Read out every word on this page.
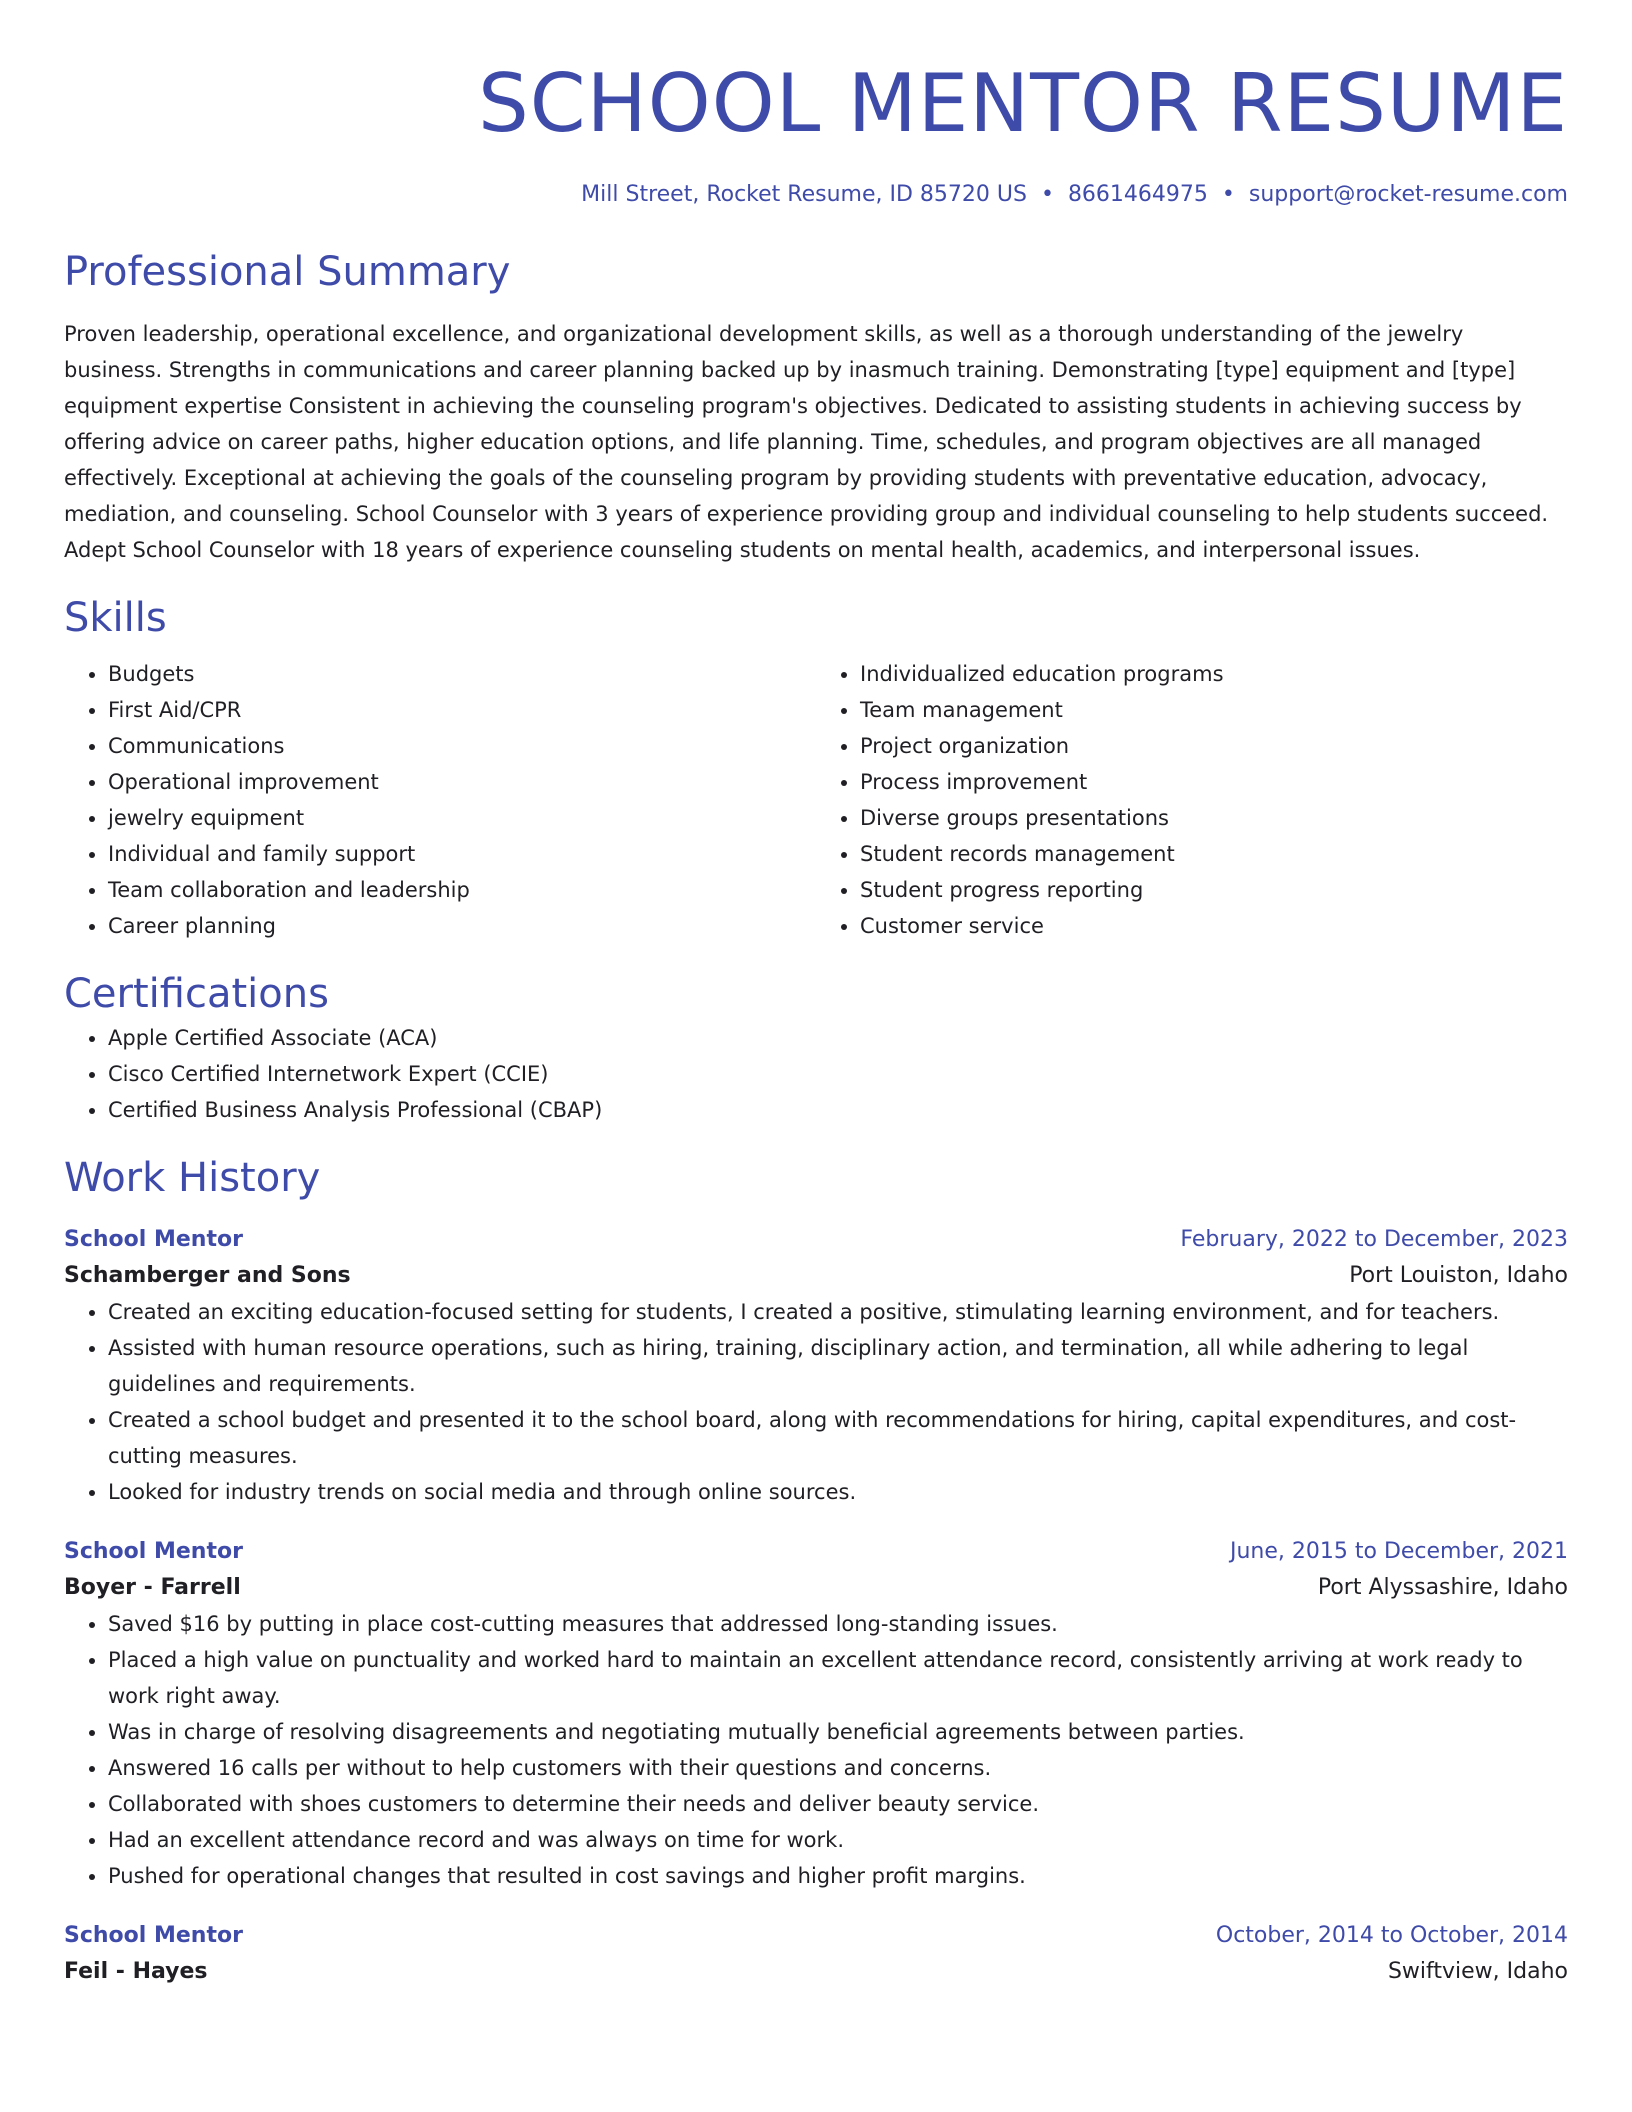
SCHOOL MENTOR RESUME
Mill Street, Rocket Resume, ID 85720 US • 8661464975 • support@rocket-resume.com
Professional Summary

Proven leadership, operational excellence, and organizational development skills, as well as a thorough understanding of the jewelry business. Strengths in communications and career planning backed up by inasmuch training. Demonstrating [type] equipment and [type] equipment expertise Consistent in achieving the counseling program's objectives. Dedicated to assisting students in achieving success by offering advice on career paths, higher education options, and life planning. Time, schedules, and program objectives are all managed effectively. Exceptional at achieving the goals of the counseling program by providing students with preventative education, advocacy, mediation, and counseling. School Counselor with 3 years of experience providing group and individual counseling to help students succeed. Adept School Counselor with 18 years of experience counseling students on mental health, academics, and interpersonal issues.

Skills
• Budgets
• First Aid/CPR
• Communications
• Operational improvement
• jewelry equipment
• Individual and family support
• Team collaboration and leadership
• Career planning
• Individualized education programs
• Team management
• Project organization
• Process improvement
• Diverse groups presentations
• Student records management
• Student progress reporting
• Customer service
Certifications
• Apple Certified Associate (ACA)
• Cisco Certified Internetwork Expert (CCIE)
• Certified Business Analysis Professional (CBAP)
Work History
School Mentor	February, 2022 to December, 2023
Schamberger and Sons	Port Louiston, Idaho
• Created an exciting education-focused setting for students, I created a positive, stimulating learning environment, and for teachers.
• Assisted with human resource operations, such as hiring, training, disciplinary action, and termination, all while adhering to legal guidelines and requirements.
• Created a school budget and presented it to the school board, along with recommendations for hiring, capital expenditures, and cost-cutting measures.
• Looked for industry trends on social media and through online sources.
School Mentor	June, 2015 to December, 2021
Boyer - Farrell	Port Alyssashire, Idaho
• Saved $16 by putting in place cost-cutting measures that addressed long-standing issues.
• Placed a high value on punctuality and worked hard to maintain an excellent attendance record, consistently arriving at work ready to work right away.
• Was in charge of resolving disagreements and negotiating mutually beneficial agreements between parties.
• Answered 16 calls per without to help customers with their questions and concerns.
• Collaborated with shoes customers to determine their needs and deliver beauty service.
• Had an excellent attendance record and was always on time for work.
• Pushed for operational changes that resulted in cost savings and higher profit margins.
School Mentor	October, 2014 to October, 2014
Feil - Hayes	Swiftview, Idaho
